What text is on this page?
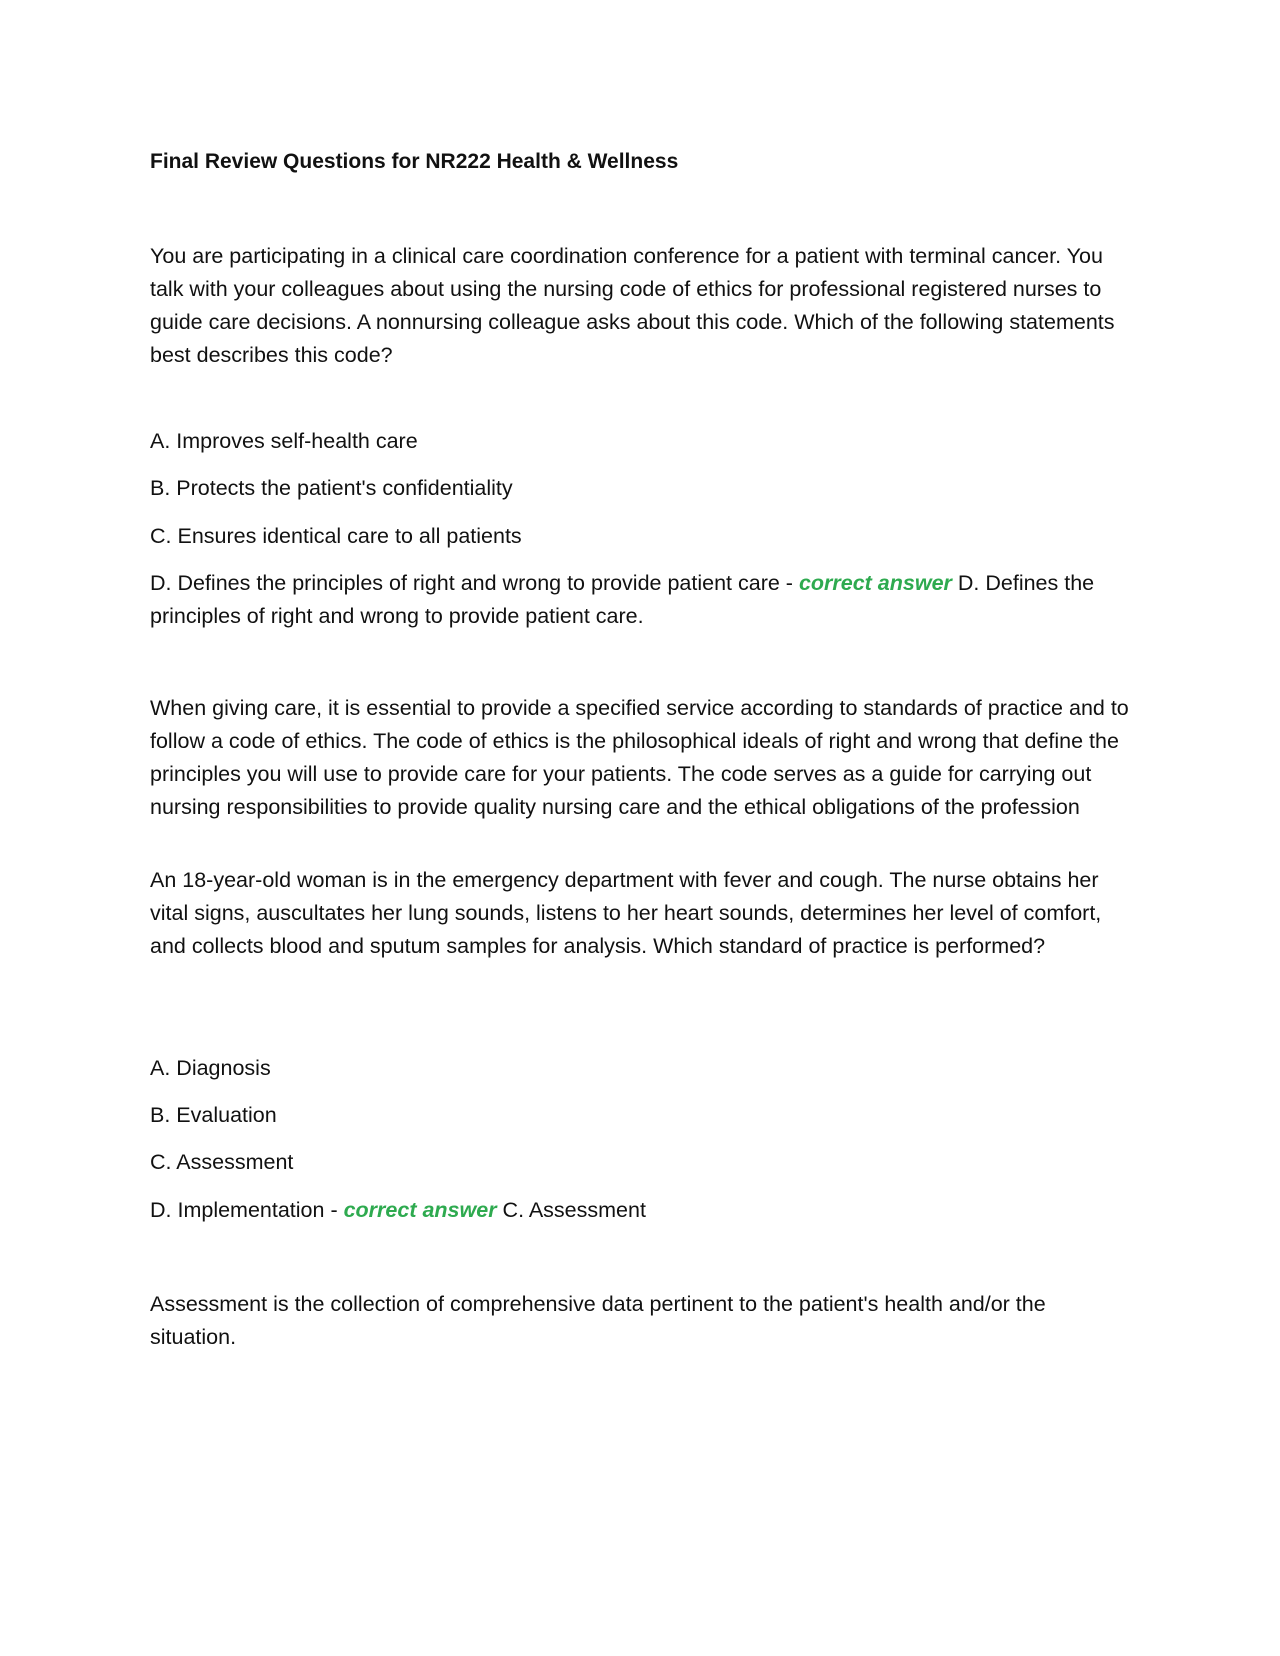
Final Review Questions for NR222 Health & Wellness

You are participating in a clinical care coordination conference for a patient with terminal cancer. You talk with your colleagues about using the nursing code of ethics for professional registered nurses to guide care decisions. A nonnursing colleague asks about this code. Which of the following statements best describes this code?

A. Improves self-health care

B. Protects the patient's confidentiality

C. Ensures identical care to all patients

D. Defines the principles of right and wrong to provide patient care - correct answer D. Defines the principles of right and wrong to provide patient care.

When giving care, it is essential to provide a specified service according to standards of practice and to follow a code of ethics. The code of ethics is the philosophical ideals of right and wrong that define the principles you will use to provide care for your patients. The code serves as a guide for carrying out nursing responsibilities to provide quality nursing care and the ethical obligations of the profession

An 18-year-old woman is in the emergency department with fever and cough. The nurse obtains her vital signs, auscultates her lung sounds, listens to her heart sounds, determines her level of comfort, and collects blood and sputum samples for analysis. Which standard of practice is performed?

A. Diagnosis

B. Evaluation

C. Assessment

D. Implementation - correct answer C. Assessment

Assessment is the collection of comprehensive data pertinent to the patient's health and/or the situation.
